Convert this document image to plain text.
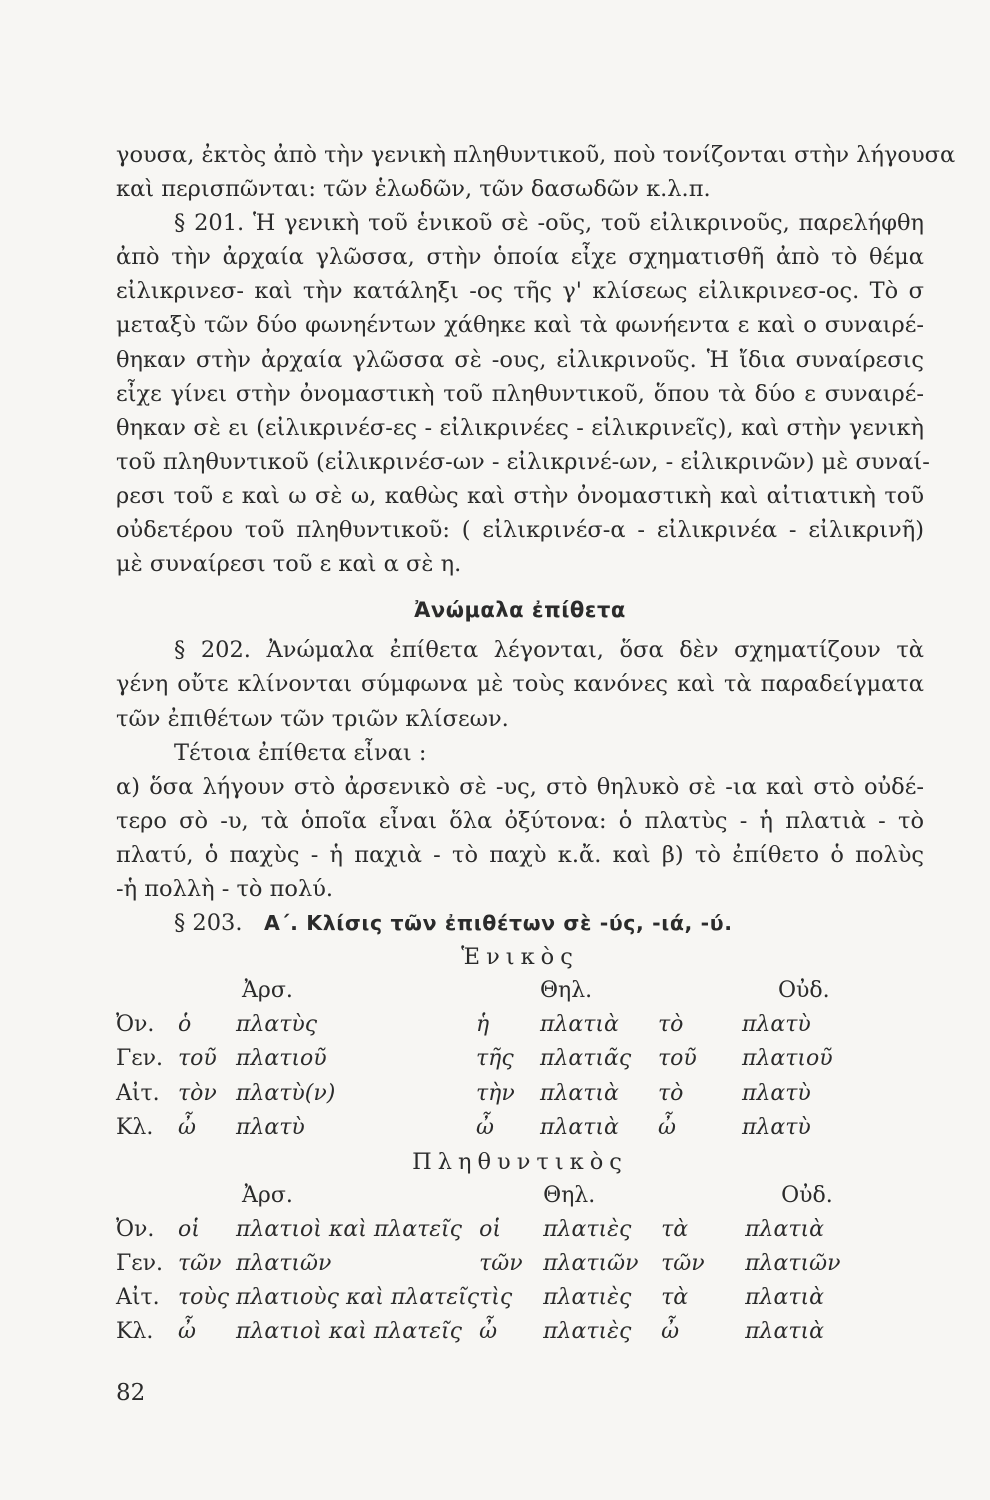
γουσα, ἐκτὸς ἀπὸ τὴν γενικὴ πληθυντικοῦ, ποὺ τονίζονται στὴν λήγουσα
καὶ περισπῶνται: τῶν ἑλωδῶν, τῶν δασωδῶν κ.λ.π.
§ 201. Ἡ γενικὴ τοῦ ἑνικοῦ σὲ -οῦς, τοῦ εἰλικρινοῦς, παρελήφθη
ἀπὸ τὴν ἀρχαία γλῶσσα, στὴν ὁποία εἶχε σχηματισθῆ ἀπὸ τὸ θέμα
εἰλικρινεσ- καὶ τὴν κατάληξι -ος τῆς γ' κλίσεως εἰλικρινεσ-ος. Τὸ σ
μεταξὺ τῶν δύο φωνηέντων χάθηκε καὶ τὰ φωνήεντα ε καὶ ο συναιρέ-
θηκαν στὴν ἀρχαία γλῶσσα σὲ -ους, εἰλικρινοῦς. Ἡ ἴδια συναίρεσις
εἶχε γίνει στὴν ὀνομαστικὴ τοῦ πληθυντικοῦ, ὅπου τὰ δύο ε συναιρέ-
θηκαν σὲ ει (εἰλικρινέσ-ες - εἰλικρινέες - εἰλικρινεῖς), καὶ στὴν γενικὴ
τοῦ πληθυντικοῦ (εἰλικρινέσ-ων - εἰλικρινέ-ων, - εἰλικρινῶν) μὲ συναί-
ρεσι τοῦ ε καὶ ω σὲ ω, καθὼς καὶ στὴν ὀνομαστικὴ καὶ αἰτιατικὴ τοῦ
οὐδετέρου τοῦ πληθυντικοῦ: ( εἰλικρινέσ-α - εἰλικρινέα - εἰλικρινῆ)
μὲ συναίρεσι τοῦ ε καὶ α σὲ η.
Ἀνώμαλα ἐπίθετα
§ 202. Ἀνώμαλα ἐπίθετα λέγονται, ὅσα δὲν σχηματίζουν τὰ
γένη οὔτε κλίνονται σύμφωνα μὲ τοὺς κανόνες καὶ τὰ παραδείγματα
τῶν ἐπιθέτων τῶν τριῶν κλίσεων.
Τέτοια ἐπίθετα εἶναι :
α) ὅσα λήγουν στὸ ἀρσενικὸ σὲ -υς, στὸ θηλυκὸ σὲ -ια καὶ στὸ οὐδέ-
τερο σὸ -υ, τὰ ὁποῖα εἶναι ὅλα ὀξύτονα: ὁ πλατὺς - ἡ πλατιὰ - τὸ
πλατύ, ὁ παχὺς - ἡ παχιὰ - τὸ παχὺ κ.ἄ. καὶ β) τὸ ἐπίθετο ὁ πολὺς
-ἡ πολλὴ - τὸ πολύ.
§ 203. Α΄. Κλίσις τῶν ἐπιθέτων σὲ -ύς, -ιά, -ύ.
Ἑνικὸς
		Ἀρσ.		Θηλ.		Οὐδ.
Ὀν.	ὁ	πλατὺς	ἡ	πλατιὰ	τὸ	πλατὺ
Γεν.	τοῦ	πλατιοῦ	τῆς	πλατιᾶς	τοῦ	πλατιοῦ
Αἰτ.	τὸν	πλατὺ(ν)	τὴν	πλατιὰ	τὸ	πλατὺ
Κλ.	ὦ	πλατὺ	ὦ	πλατιὰ	ὦ	πλατὺ
Πληθυντικὸς
		Ἀρσ.		Θηλ.		Οὐδ.
Ὀν.	οἱ	πλατιοὶ καὶ πλατεῖς	οἱ	πλατιὲς	τὰ	πλατιὰ
Γεν.	τῶν	πλατιῶν	τῶν	πλατιῶν	τῶν	πλατιῶν
Αἰτ.	τοὺς	πλατιοὺς καὶ πλατεῖς	τὶς	πλατιὲς	τὰ	πλατιὰ
Κλ.	ὦ	πλατιοὶ καὶ πλατεῖς	ὦ	πλατιὲς	ὦ	πλατιὰ
82
